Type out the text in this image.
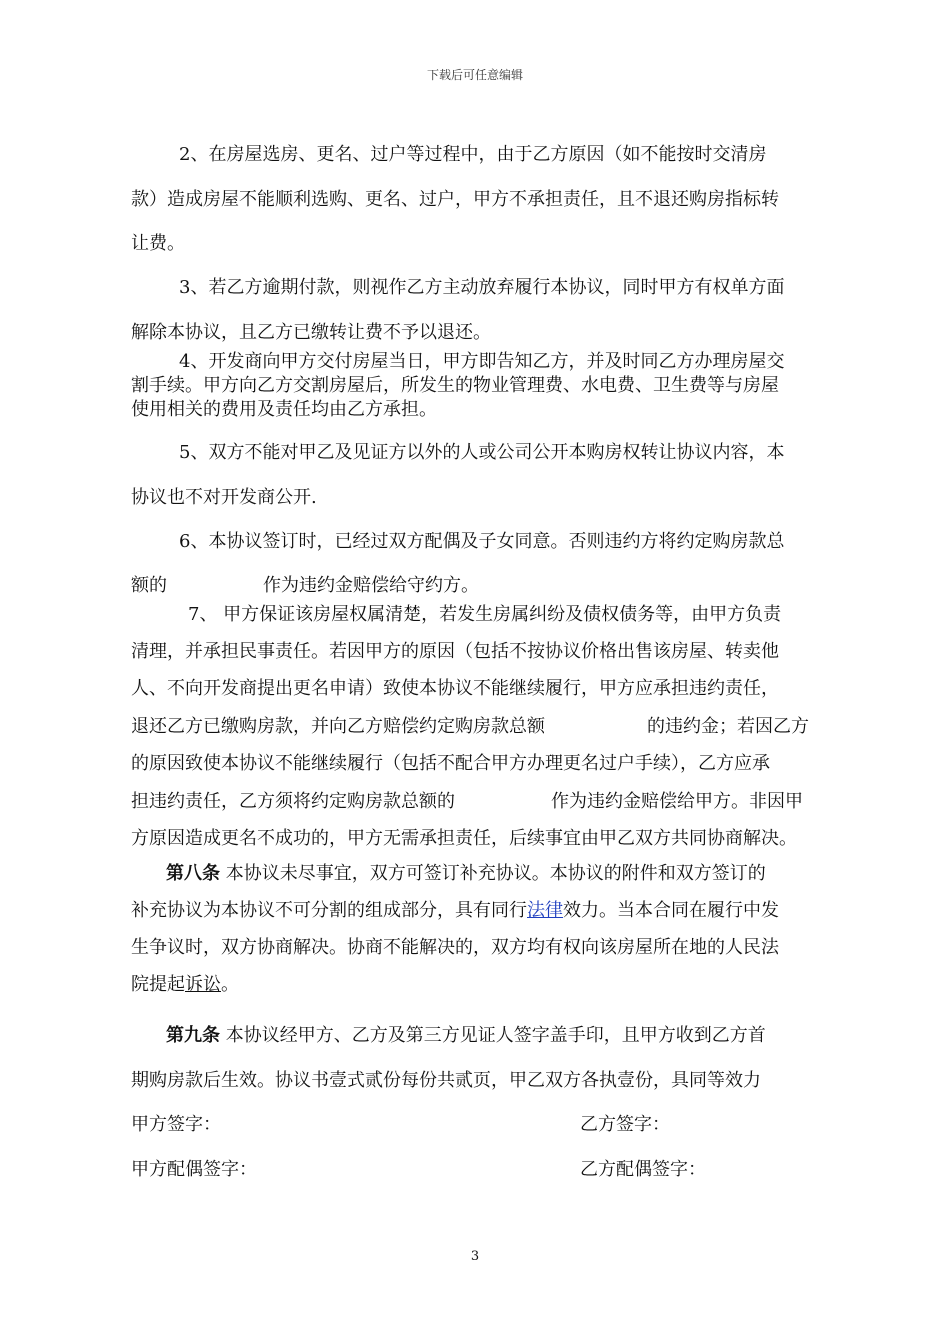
下载后可任意编辑
2、在房屋选房、更名、过户等过程中，由于乙方原因（如不能按时交清房
款）造成房屋不能顺利选购、更名、过户，甲方不承担责任，且不退还购房指标转
让费。
3、若乙方逾期付款，则视作乙方主动放弃履行本协议，同时甲方有权单方面
解除本协议，且乙方已缴转让费不予以退还。
4、开发商向甲方交付房屋当日，甲方即告知乙方，并及时同乙方办理房屋交
割手续。甲方向乙方交割房屋后，所发生的物业管理费、水电费、卫生费等与房屋
使用相关的费用及责任均由乙方承担。
5、双方不能对甲乙及见证方以外的人或公司公开本购房权转让协议内容，本
协议也不对开发商公开.
6、本协议签订时，已经过双方配偶及子女同意。否则违约方将约定购房款总
额的	作为违约金赔偿给守约方。
7、 甲方保证该房屋权属清楚，若发生房属纠纷及债权债务等，由甲方负责
清理，并承担民事责任。若因甲方的原因（包括不按协议价格出售该房屋、转卖他
人、不向开发商提出更名申请）致使本协议不能继续履行，甲方应承担违约责任，
退还乙方已缴购房款，并向乙方赔偿约定购房款总额	的违约金；若因乙方
的原因致使本协议不能继续履行（包括不配合甲方办理更名过户手续），乙方应承
担违约责任，乙方须将约定购房款总额的	作为违约金赔偿给甲方。非因甲
方原因造成更名不成功的，甲方无需承担责任，后续事宜由甲乙双方共同协商解决。
第八条 本协议未尽事宜，双方可签订补充协议。本协议的附件和双方签订的
补充协议为本协议不可分割的组成部分，具有同行法律效力。当本合同在履行中发
生争议时，双方协商解决。协商不能解决的，双方均有权向该房屋所在地的人民法
院提起诉讼。
第九条 本协议经甲方、乙方及第三方见证人签字盖手印，且甲方收到乙方首
期购房款后生效。协议书壹式贰份每份共贰页，甲乙双方各执壹份，具同等效力
甲方签字：	乙方签字：
甲方配偶签字：	乙方配偶签字：
3
